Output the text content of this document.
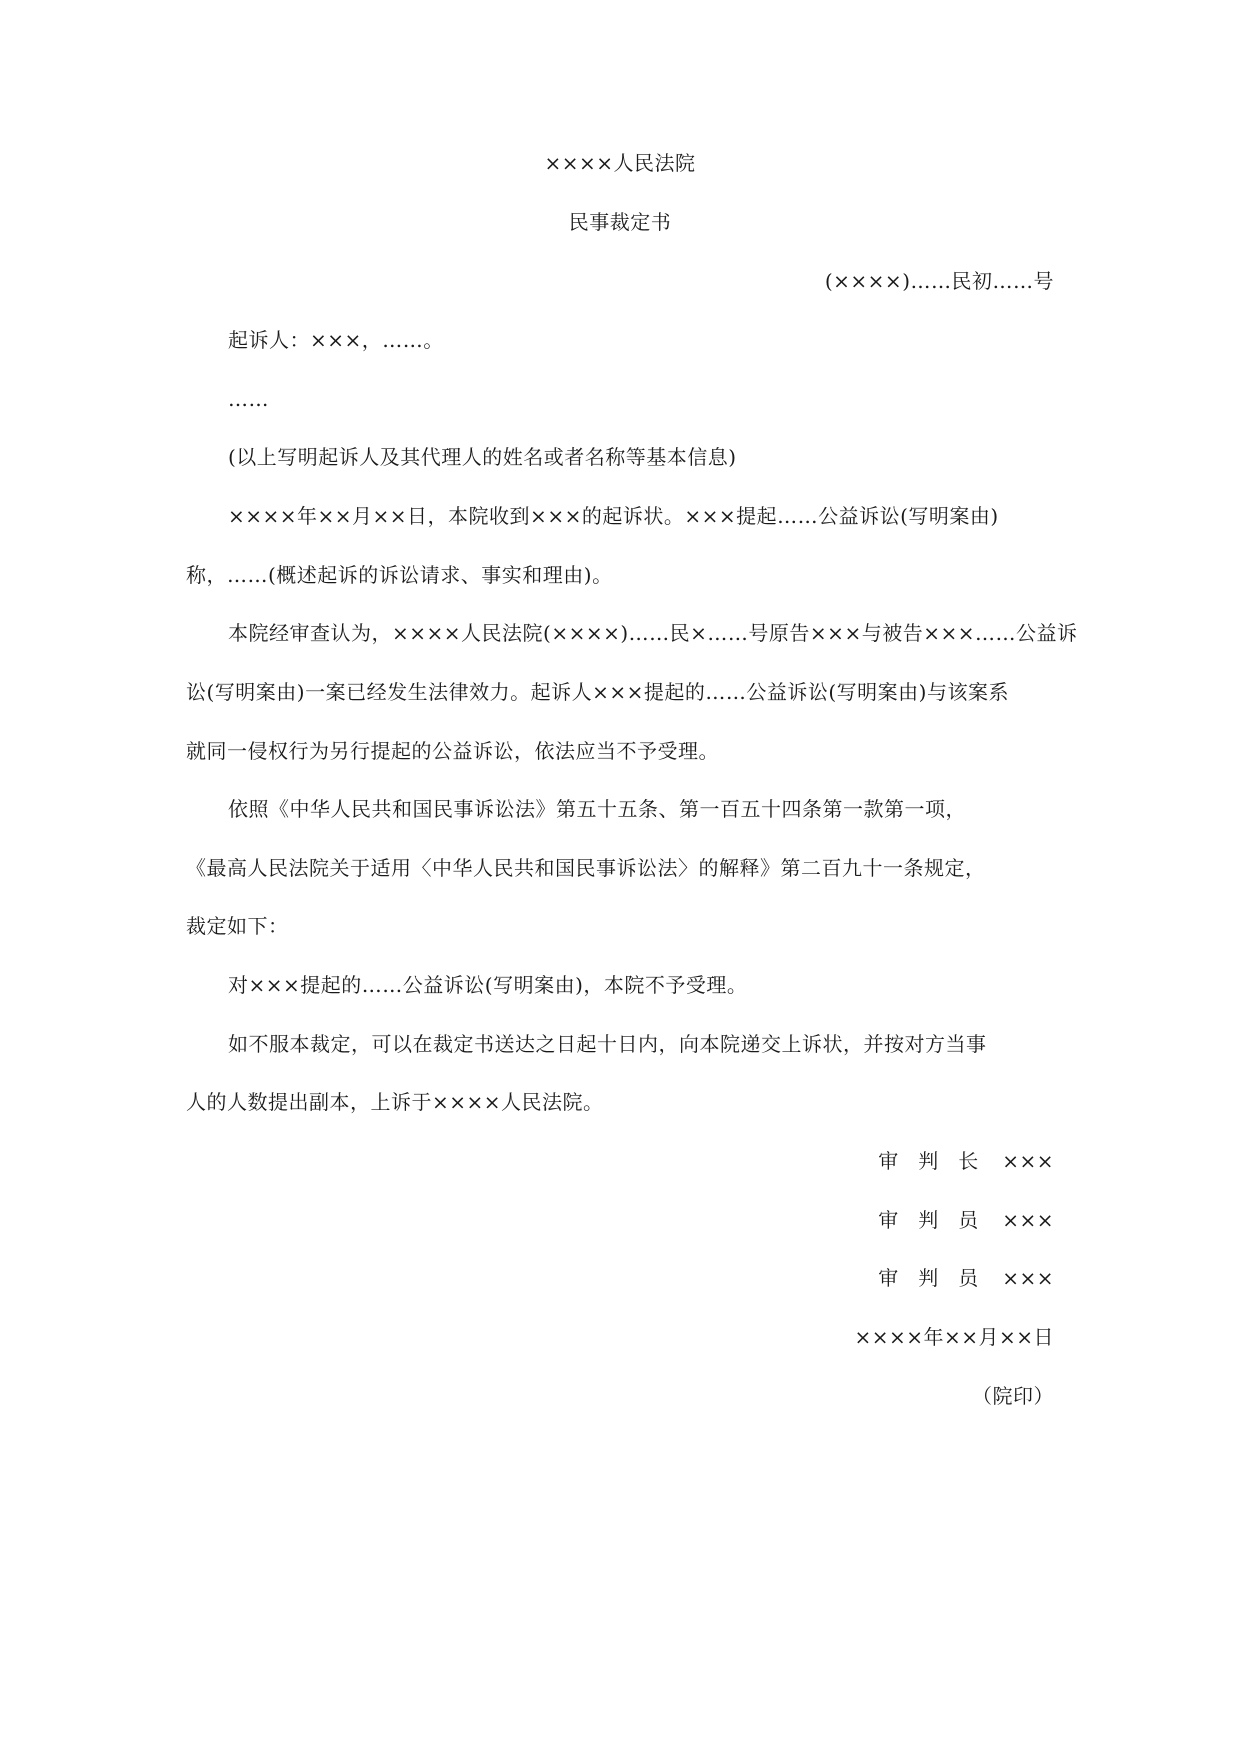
××××人民法院
民事裁定书
(××××)……民初……号
起诉人：×××，……。
……
(以上写明起诉人及其代理人的姓名或者名称等基本信息)
××××年××月××日，本院收到×××的起诉状。×××提起……公益诉讼(写明案由)
称，……(概述起诉的诉讼请求、事实和理由)。
本院经审查认为，××××人民法院(××××)……民×……号原告×××与被告×××……公益诉
讼(写明案由)一案已经发生法律效力。起诉人×××提起的……公益诉讼(写明案由)与该案系
就同一侵权行为另行提起的公益诉讼，依法应当不予受理。
依照《中华人民共和国民事诉讼法》第五十五条、第一百五十四条第一款第一项，
《最高人民法院关于适用〈中华人民共和国民事诉讼法〉的解释》第二百九十一条规定，
裁定如下：
对×××提起的……公益诉讼(写明案由)，本院不予受理。
如不服本裁定，可以在裁定书送达之日起十日内，向本院递交上诉状，并按对方当事
人的人数提出副本，上诉于××××人民法院。
审判长 ×××
审判员 ×××
审判员 ×××
××××年××月××日
（院印）
